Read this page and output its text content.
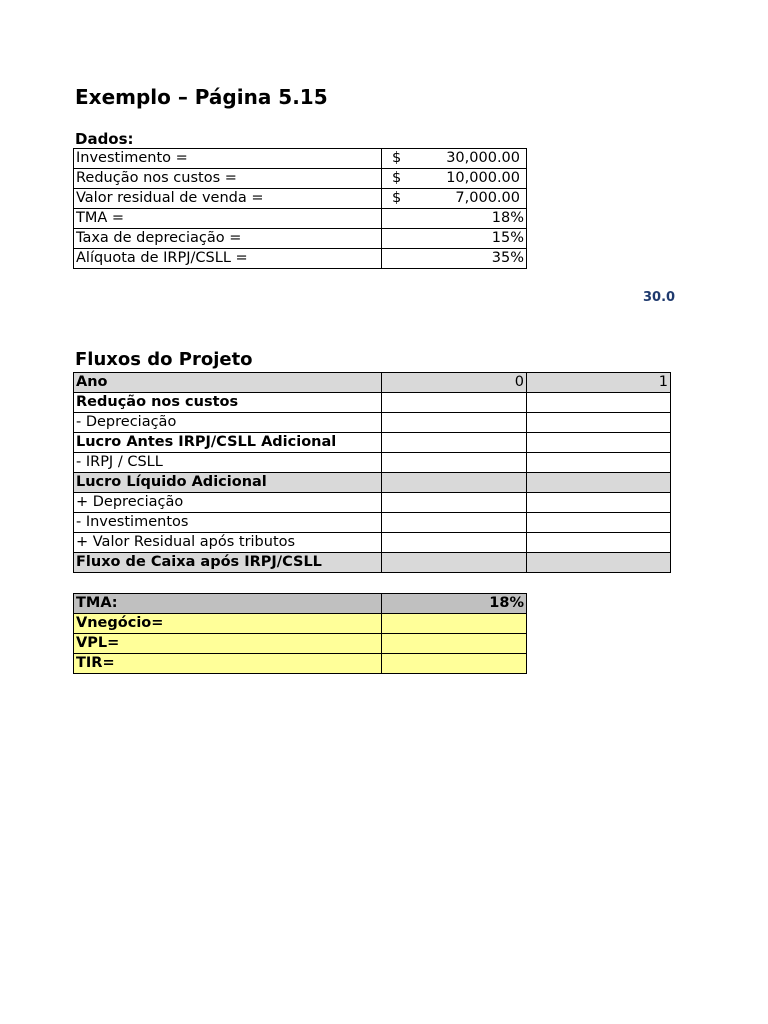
Exemplo – Página 5.15
Dados:
Investimento =	$ 30,000.00

Redução nos custos =	$ 10,000.00

Valor residual de venda =	$ 7,000.00

TMA =	18%
Taxa de depreciação =	15%
Alíquota de IRPJ/CSLL =	35%
30.0
Fluxos do Projeto
Ano	0	1
Redução nos custos		
- Depreciação		
Lucro Antes IRPJ/CSLL Adicional		
- IRPJ / CSLL		
Lucro Líquido Adicional		
+ Depreciação		
- Investimentos		
+ Valor Residual após tributos		
Fluxo de Caixa após IRPJ/CSLL		
TMA:	18%
Vnegócio=	
VPL=	
TIR=	
